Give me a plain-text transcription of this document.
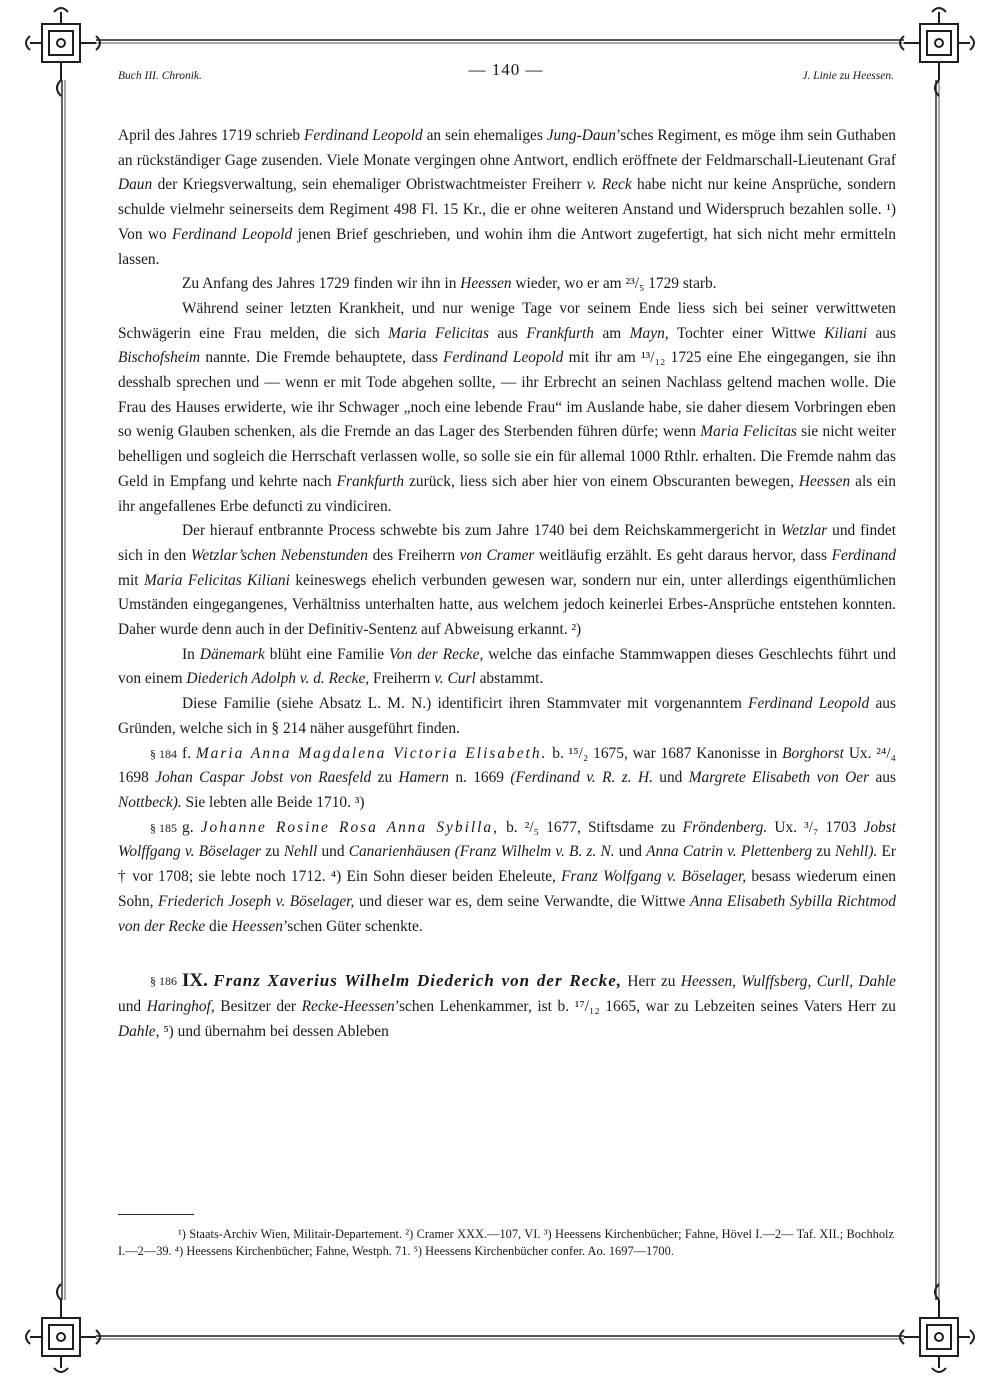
Buch III. Chronik.	— 140 —	J. Linie zu Heessen.

April des Jahres 1719 schrieb Ferdinand Leopold an sein ehemaliges Jung-Daun’sches Regiment, es möge ihm sein Guthaben an rückständiger Gage zusenden. Viele Monate vergingen ohne Antwort, endlich eröffnete der Feldmarschall-Lieutenant Graf Daun der Kriegsverwaltung, sein ehemaliger Obristwachtmeister Freiherr v. Reck habe nicht nur keine Ansprüche, sondern schulde vielmehr seinerseits dem Regiment 498 Fl. 15 Kr., die er ohne weiteren Anstand und Widerspruch bezahlen solle. ¹) Von wo Ferdinand Leopold jenen Brief geschrieben, und wohin ihm die Antwort zugefertigt, hat sich nicht mehr ermitteln lassen.

Zu Anfang des Jahres 1729 finden wir ihn in Heessen wieder, wo er am ²³/₅ 1729 starb.

Während seiner letzten Krankheit, und nur wenige Tage vor seinem Ende liess sich bei seiner verwittweten Schwägerin eine Frau melden, die sich Maria Felicitas aus Frankfurth am Mayn, Tochter einer Wittwe Kiliani aus Bischofsheim nannte. Die Fremde behauptete, dass Ferdinand Leopold mit ihr am ¹³/₁₂ 1725 eine Ehe eingegangen, sie ihn desshalb sprechen und — wenn er mit Tode abgehen sollte, — ihr Erbrecht an seinen Nachlass geltend machen wolle. Die Frau des Hauses erwiderte, wie ihr Schwager „noch eine lebende Frau“ im Auslande habe, sie daher diesem Vorbringen eben so wenig Glauben schenken, als die Fremde an das Lager des Sterbenden führen dürfe; wenn Maria Felicitas sie nicht weiter behelligen und sogleich die Herrschaft verlassen wolle, so solle sie ein für allemal 1000 Rthlr. erhalten. Die Fremde nahm das Geld in Empfang und kehrte nach Frankfurth zurück, liess sich aber hier von einem Obscuranten bewegen, Heessen als ein ihr angefallenes Erbe defuncti zu vindiciren.

Der hierauf entbrannte Process schwebte bis zum Jahre 1740 bei dem Reichskammergericht in Wetzlar und findet sich in den Wetzlar’schen Nebenstunden des Freiherrn von Cramer weitläufig erzählt. Es geht daraus hervor, dass Ferdinand mit Maria Felicitas Kiliani keineswegs ehelich verbunden gewesen war, sondern nur ein, unter allerdings eigenthümlichen Umständen eingegangenes, Verhältniss unterhalten hatte, aus welchem jedoch keinerlei Erbes-Ansprüche entstehen konnten. Daher wurde denn auch in der Definitiv-Sentenz auf Abweisung erkannt. ²)

In Dänemark blüht eine Familie Von der Recke, welche das einfache Stammwappen dieses Geschlechts führt und von einem Diederich Adolph v. d. Recke, Freiherrn v. Curl abstammt.

Diese Familie (siehe Absatz L. M. N.) identificirt ihren Stammvater mit vorgenanntem Ferdinand Leopold aus Gründen, welche sich in § 214 näher ausgeführt finden.

§ 184 f. Maria Anna Magdalena Victoria Elisabeth. b. ¹⁵/₂ 1675, war 1687 Kanonisse in Borghorst Ux. ²⁴/₄ 1698 Johan Caspar Jobst von Raesfeld zu Hamern n. 1669 (Ferdinand v. R. z. H. und Margrete Elisabeth von Oer aus Nottbeck). Sie lebten alle Beide 1710. ³)

§ 185 g. Johanne Rosine Rosa Anna Sybilla, b. ²/₅ 1677, Stiftsdame zu Fröndenberg. Ux. ³/₇ 1703 Jobst Wolffgang v. Böselager zu Nehll und Canarienhäusen (Franz Wilhelm v. B. z. N. und Anna Catrin v. Plettenberg zu Nehll). Er † vor 1708; sie lebte noch 1712. ⁴) Ein Sohn dieser beiden Eheleute, Franz Wolfgang v. Böselager, besass wiederum einen Sohn, Friederich Joseph v. Böselager, und dieser war es, dem seine Verwandte, die Wittwe Anna Elisabeth Sybilla Richtmod von der Recke die Heessen’schen Güter schenkte.

§ 186 IX. Franz Xaverius Wilhelm Diederich von der Recke, Herr zu Heessen, Wulffsberg, Curll, Dahle und Haringhof, Besitzer der Recke-Heessen’schen Lehenkammer, ist b. ¹⁷/₁₂ 1665, war zu Lebzeiten seines Vaters Herr zu Dahle, ⁵) und übernahm bei dessen Ableben

¹) Staats-Archiv Wien, Militair-Departement. ²) Cramer XXX.—107, VI. ³) Heessens Kirchenbücher; Fahne, Hövel I.—2— Taf. XII.; Bochholz I.—2—39. ⁴) Heessens Kirchenbücher; Fahne, Westph. 71. ⁵) Heessens Kirchenbücher confer. Ao. 1697—1700.
